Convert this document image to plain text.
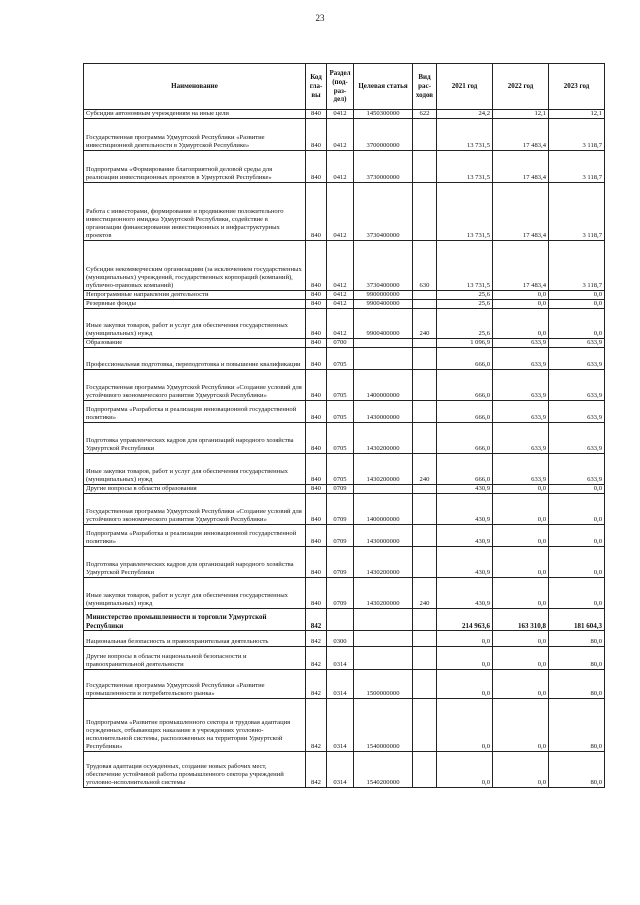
23
Наименование	Код гла- вы	Раздел (под- раз- дел)	Целевая статья	Вид рас- ходов	2021 год	2022 год	2023 год
Субсидии автономным учреждениям на иные цели	840	0412	1450300000	622	24,2	12,1	12,1
Государственная программа Удмуртской Республики «Развитие инвестиционной деятельности в Удмуртской Республике»	840	0412	3700000000		13 731,5	17 483,4	3 118,7
Подпрограмма «Формирование благоприятной деловой среды для реализации инвестиционных проектов в Удмуртской Республике»	840	0412	3730000000		13 731,5	17 483,4	3 118,7
Работа с инвесторами, формирование и продвижение положительного инвестиционного имиджа Удмуртской Республики, содействие в организации финансирования инвестиционных и инфраструктурных проектов	840	0412	3730400000		13 731,5	17 483,4	3 118,7
Субсидии некоммерческим организациям (за исключением государственных (муниципальных) учреждений, государственных корпораций (компаний), публично-правовых компаний)	840	0412	3730400000	630	13 731,5	17 483,4	3 118,7
Непрограммные направления деятельности	840	0412	9900000000		25,6	0,0	0,0
Резервные фонды	840	0412	9900400000		25,6	0,0	0,0
Иные закупки товаров, работ и услуг для обеспечения государственных (муниципальных) нужд	840	0412	9900400000	240	25,6	0,0	0,0
Образование	840	0700			1 096,9	633,9	633,9
Профессиональная подготовка, переподготовка и повышение квалификации	840	0705			666,0	633,9	633,9
Государственная программа Удмуртской Республики «Создание условий для устойчивого экономического развития Удмуртской Республики»	840	0705	1400000000		666,0	633,9	633,9
Подпрограмма «Разработка и реализация инновационной государственной политики»	840	0705	1430000000		666,0	633,9	633,9
Подготовка управленческих кадров для организаций народного хозяйства Удмуртской Республики	840	0705	1430200000		666,0	633,9	633,9
Иные закупки товаров, работ и услуг для обеспечения государственных (муниципальных) нужд	840	0705	1430200000	240	666,0	633,9	633,9
Другие вопросы в области образования	840	0709			430,9	0,0	0,0
Государственная программа Удмуртской Республики «Создание условий для устойчивого экономического развития Удмуртской Республики»	840	0709	1400000000		430,9	0,0	0,0
Подпрограмма «Разработка и реализация инновационной государственной политики»	840	0709	1430000000		430,9	0,0	0,0
Подготовка управленческих кадров для организаций народного хозяйства Удмуртской Республики	840	0709	1430200000		430,9	0,0	0,0
Иные закупки товаров, работ и услуг для обеспечения государственных (муниципальных) нужд	840	0709	1430200000	240	430,9	0,0	0,0
Министерство промышленности и торговли Удмуртской Республики	842				214 963,6	163 310,8	181 604,3
Национальная безопасность и правоохранительная деятельность	842	0300			0,0	0,0	80,0
Другие вопросы в области национальной безопасности и правоохранительной деятельности	842	0314			0,0	0,0	80,0
Государственная программа Удмуртской Республики «Развитие промышленности и потребительского рынка»	842	0314	1500000000		0,0	0,0	80,0
Подпрограмма «Развитие промышленного сектора и трудовая адаптация осужденных, отбывающих наказание в учреждениях уголовно-исполнительной системы, расположенных на территории Удмуртской Республики»	842	0314	1540000000		0,0	0,0	80,0
Трудовая адаптация осужденных, создание новых рабочих мест, обеспечение устойчивой работы промышленного сектора учреждений уголовно-исполнительной системы	842	0314	1540200000		0,0	0,0	80,0
